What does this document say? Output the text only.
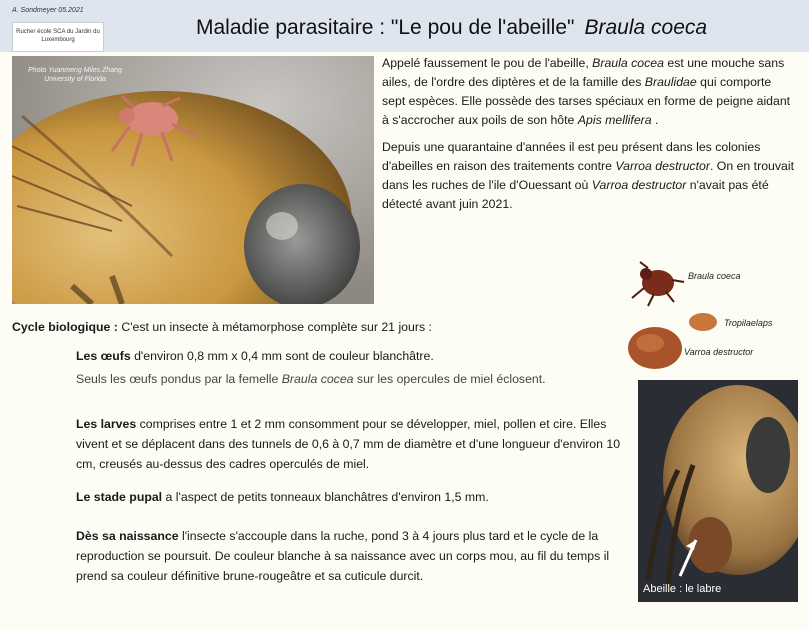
A. Sondmeyer 05.2021
Rucher école SCA du Jardin du Luxembourg
Maladie parasitaire : "Le pou de l'abeille" Braula coeca
Photo Yuanmeng Miles Zhang
University of Florida

Appelé faussement le pou de l'abeille, Braula cocea est une mouche sans ailes, de l'ordre des diptères et de la famille des Braulidae qui comporte sept espèces. Elle possède des tarses spéciaux en forme de peigne aidant à s'accrocher aux poils de son hôte Apis mellifera .

Depuis une quarantaine d'années il est peu présent dans les colonies d'abeilles en raison des traitements contre Varroa destructor. On en trouvait dans les ruches de l'ile d'Ouessant où Varroa destructor n'avait pas été détecté avant juin 2021.

Braula coeca
Tropilaelaps
Varroa destructor
Cycle biologique : C'est un insecte à métamorphose complète sur 21 jours :

Les œufs d'environ 0,8 mm x 0,4 mm sont de couleur blanchâtre.

Seuls les œufs pondus par la femelle Braula cocea sur les opercules de miel éclosent.

Les larves comprises entre 1 et 2 mm consomment pour se développer, miel, pollen et cire. Elles vivent et se déplacent dans des tunnels de 0,6 à 0,7 mm de diamètre et d'une longueur d'environ 10 cm, creusés au-dessus des cadres operculés de miel.

Le stade pupal a l'aspect de petits tonneaux blanchâtres d'environ 1,5 mm.

Dès sa naissance l'insecte s'accouple dans la ruche, pond 3 à 4 jours plus tard et le cycle de la reproduction se poursuit. De couleur blanche à sa naissance avec un corps mou, au fil du temps il prend sa couleur définitive brune-rougeâtre et sa cuticule durcit.

Abeille : le labre
